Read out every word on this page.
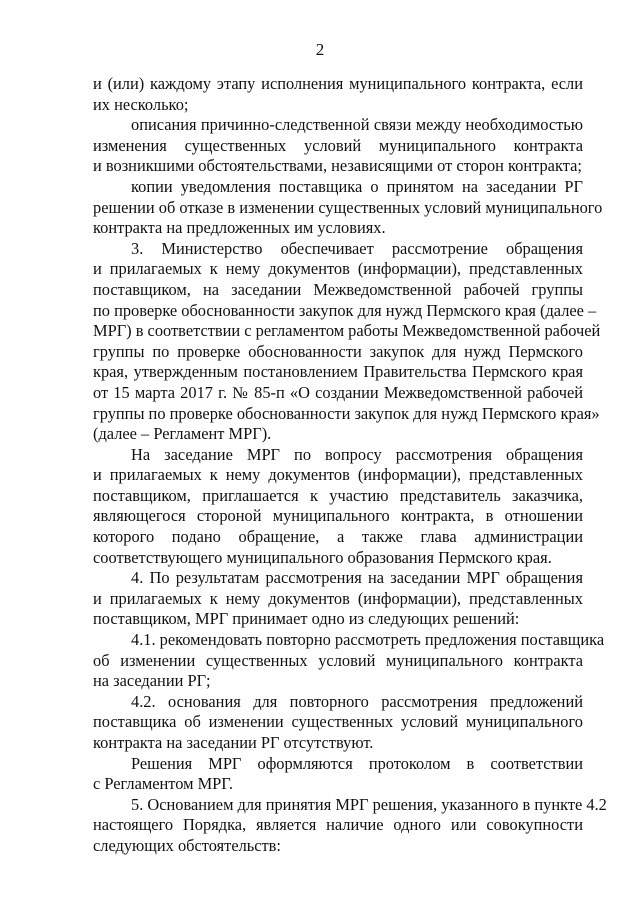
2
и (или) каждому этапу исполнения муниципального контракта, если
их несколько;
описания причинно-следственной связи между необходимостью
изменения существенных условий муниципального контракта
и возникшими обстоятельствами, независящими от сторон контракта;
копии уведомления поставщика о принятом на заседании РГ
решении об отказе в изменении существенных условий муниципального
контракта на предложенных им условиях.
3. Министерство обеспечивает рассмотрение обращения
и прилагаемых к нему документов (информации), представленных
поставщиком, на заседании Межведомственной рабочей группы
по проверке обоснованности закупок для нужд Пермского края (далее –
МРГ) в соответствии с регламентом работы Межведомственной рабочей
группы по проверке обоснованности закупок для нужд Пермского
края, утвержденным постановлением Правительства Пермского края
от 15 марта 2017 г. № 85-п «О создании Межведомственной рабочей
группы по проверке обоснованности закупок для нужд Пермского края»
(далее – Регламент МРГ).
На заседание МРГ по вопросу рассмотрения обращения
и прилагаемых к нему документов (информации), представленных
поставщиком, приглашается к участию представитель заказчика,
являющегося стороной муниципального контракта, в отношении
которого подано обращение, а также глава администрации
соответствующего муниципального образования Пермского края.
4. По результатам рассмотрения на заседании МРГ обращения
и прилагаемых к нему документов (информации), представленных
поставщиком, МРГ принимает одно из следующих решений:
4.1. рекомендовать повторно рассмотреть предложения поставщика
об изменении существенных условий муниципального контракта
на заседании РГ;
4.2. основания для повторного рассмотрения предложений
поставщика об изменении существенных условий муниципального
контракта на заседании РГ отсутствуют.
Решения МРГ оформляются протоколом в соответствии
с Регламентом МРГ.
5. Основанием для принятия МРГ решения, указанного в пункте 4.2
настоящего Порядка, является наличие одного или совокупности
следующих обстоятельств:
